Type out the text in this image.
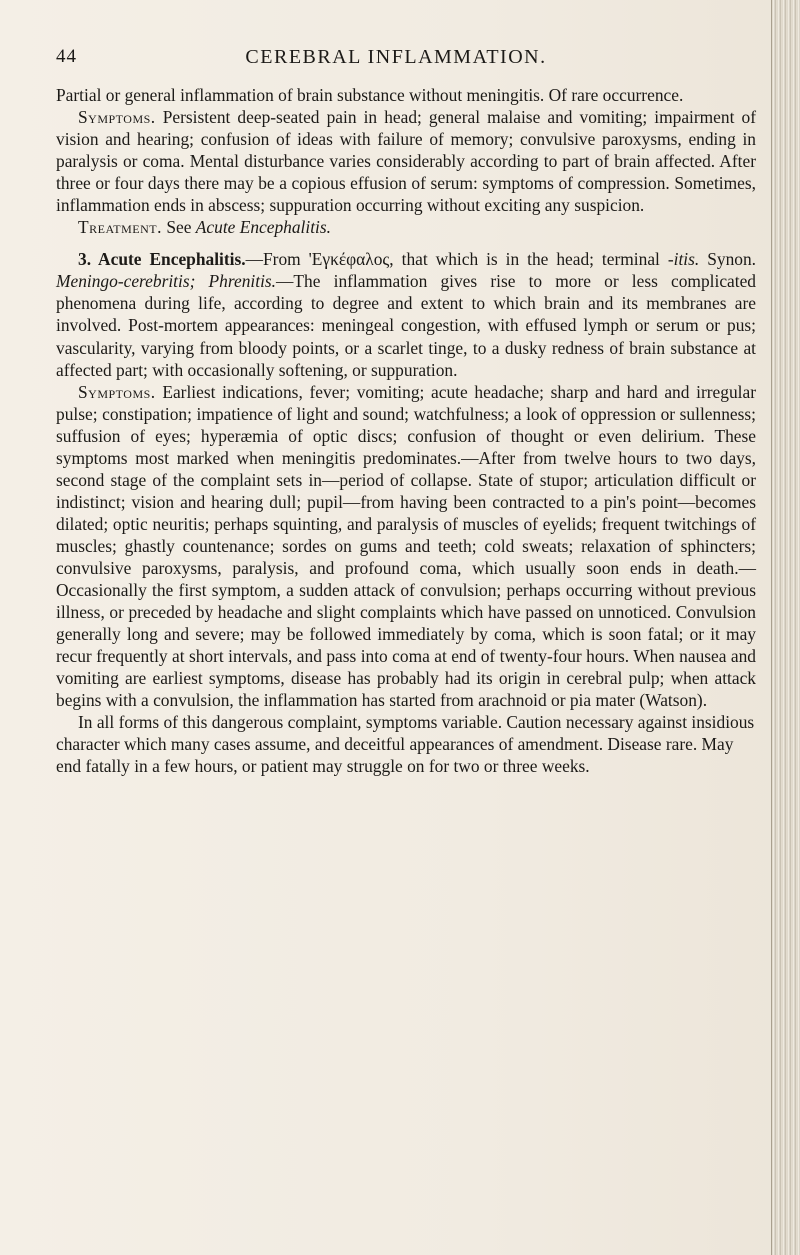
44	CEREBRAL INFLAMMATION.

Partial or general inflammation of brain substance without meningitis. Of rare occurrence.

Symptoms. Persistent deep-seated pain in head; general malaise and vomiting; impairment of vision and hearing; confusion of ideas with failure of memory; convulsive paroxysms, ending in paralysis or coma. Mental disturbance varies considerably according to part of brain affected. After three or four days there may be a copious effusion of serum: symptoms of compression. Sometimes, inflammation ends in abscess; suppuration occurring without exciting any suspicion.

Treatment. See Acute Encephalitis.

3. Acute Encephalitis.—From 'Εγκέφαλος, that which is in the head; terminal -itis. Synon. Meningo-cerebritis; Phrenitis.—The inflammation gives rise to more or less complicated phenomena during life, according to degree and extent to which brain and its membranes are involved. Post-mortem appearances: meningeal congestion, with effused lymph or serum or pus; vascularity, varying from bloody points, or a scarlet tinge, to a dusky redness of brain substance at affected part; with occasionally softening, or suppuration.

Symptoms. Earliest indications, fever; vomiting; acute headache; sharp and hard and irregular pulse; constipation; impatience of light and sound; watchfulness; a look of oppression or sullenness; suffusion of eyes; hyperæmia of optic discs; confusion of thought or even delirium. These symptoms most marked when meningitis predominates.—After from twelve hours to two days, second stage of the complaint sets in—period of collapse. State of stupor; articulation difficult or indistinct; vision and hearing dull; pupil—from having been contracted to a pin's point—becomes dilated; optic neuritis; perhaps squinting, and paralysis of muscles of eyelids; frequent twitchings of muscles; ghastly countenance; sordes on gums and teeth; cold sweats; relaxation of sphincters; convulsive paroxysms, paralysis, and profound coma, which usually soon ends in death.—Occasionally the first symptom, a sudden attack of convulsion; perhaps occurring without previous illness, or preceded by headache and slight complaints which have passed on unnoticed. Convulsion generally long and severe; may be followed immediately by coma, which is soon fatal; or it may recur frequently at short intervals, and pass into coma at end of twenty-four hours. When nausea and vomiting are earliest symptoms, disease has probably had its origin in cerebral pulp; when attack begins with a convulsion, the inflammation has started from arachnoid or pia mater (Watson).

In all forms of this dangerous complaint, symptoms variable. Caution necessary against insidious character which many cases assume, and deceitful appearances of amendment. Disease rare. May end fatally in a few hours, or patient may struggle on for two or three weeks.
